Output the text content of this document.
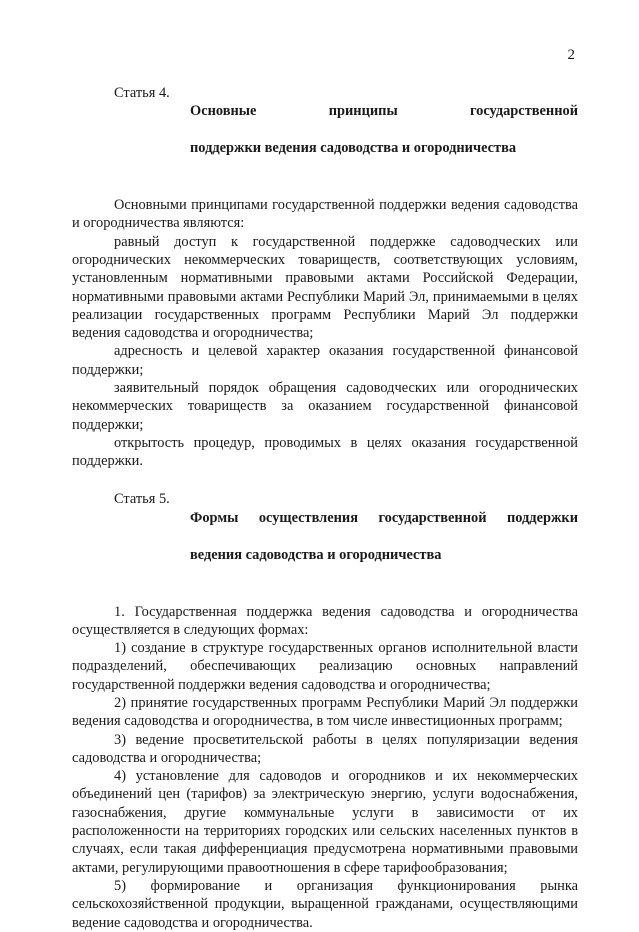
2
Статья 4.

Основные принципы государственной

поддержки ведения садоводства и огородничества

Основными принципами государственной поддержки ведения садоводства и огородничества являются:

равный доступ к государственной поддержке садоводческих или огороднических некоммерческих товариществ, соответствующих условиям, установленным нормативными правовыми актами Российской Федерации, нормативными правовыми актами Республики Марий Эл, принимаемыми в целях реализации государственных программ Республики Марий Эл поддержки ведения садоводства и огородничества;

адресность и целевой характер оказания государственной финансовой поддержки;

заявительный порядок обращения садоводческих или огороднических некоммерческих товариществ за оказанием государственной финансовой поддержки;

открытость процедур, проводимых в целях оказания государственной поддержки.

Статья 5.

Формы осуществления государственной поддержки

ведения садоводства и огородничества

1. Государственная поддержка ведения садоводства и огородничества осуществляется в следующих формах:

1) создание в структуре государственных органов исполнительной власти подразделений, обеспечивающих реализацию основных направлений государственной поддержки ведения садоводства и огородничества;

2) принятие государственных программ Республики Марий Эл поддержки ведения садоводства и огородничества, в том числе инвестиционных программ;

3) ведение просветительской работы в целях популяризации ведения садоводства и огородничества;

4) установление для садоводов и огородников и их некоммерческих объединений цен (тарифов) за электрическую энергию, услуги водоснабжения, газоснабжения, другие коммунальные услуги в зависимости от их расположенности на территориях городских или сельских населенных пунктов в случаях, если такая дифференциация предусмотрена нормативными правовыми актами, регулирующими правоотношения в сфере тарифообразования;

5) формирование и организация функционирования рынка сельскохозяйственной продукции, выращенной гражданами, осуществляющими ведение садоводства и огородничества.
